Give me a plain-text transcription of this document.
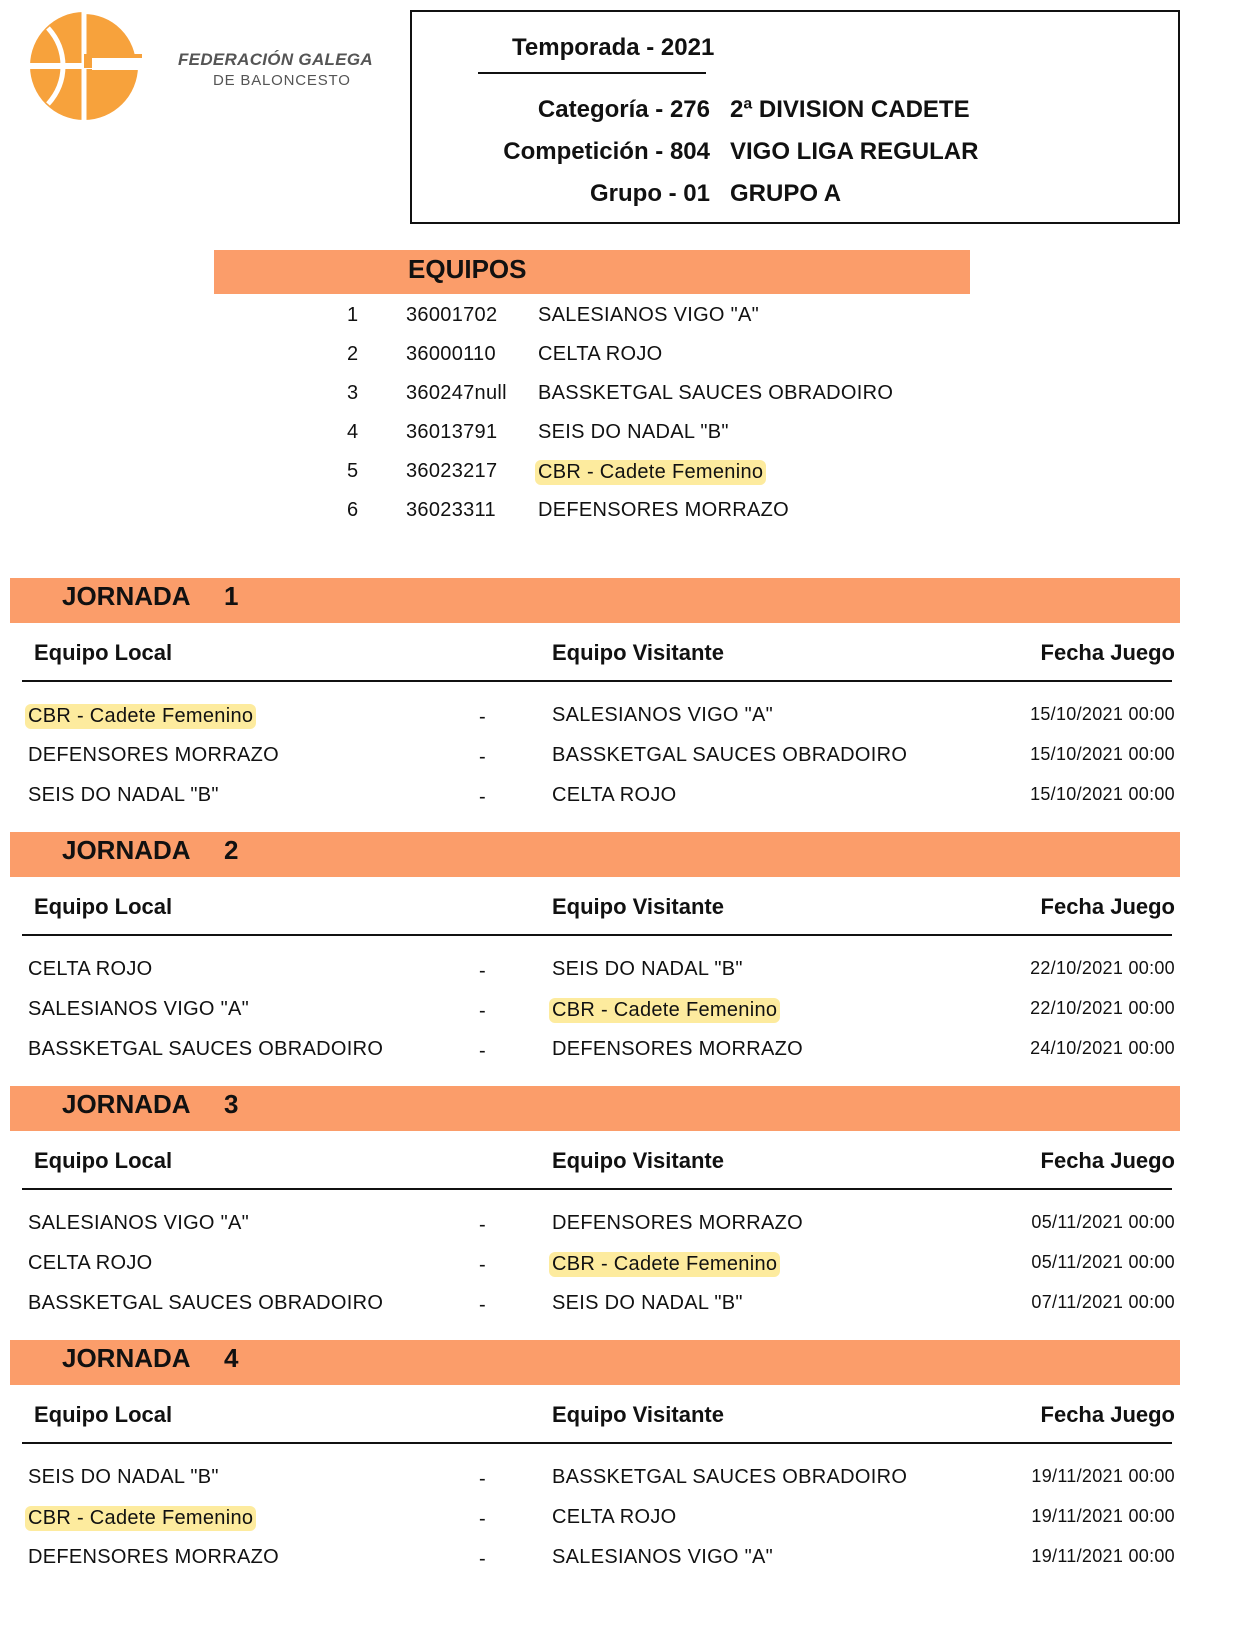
FEDERACIÓN GALEGA
DE BALONCESTO
Temporada - 2021
Categoría - 276 2ª DIVISION CADETE
Competición - 804 VIGO LIGA REGULAR
Grupo - 01 GRUPO A
EQUIPOS
1 36001702 SALESIANOS VIGO "A"
2 36000110 CELTA ROJO
3 360247null BASSKETGAL SAUCES OBRADOIRO
4 36013791 SEIS DO NADAL "B"
5 36023217 CBR - Cadete Femenino
6 36023311 DEFENSORES MORRAZO
JORNADA 1
Equipo Local	Equipo Visitante	Fecha Juego
CBR - Cadete Femenino	-	SALESIANOS VIGO "A"	15/10/2021 00:00
DEFENSORES MORRAZO	-	BASSKETGAL SAUCES OBRADOIRO	15/10/2021 00:00
SEIS DO NADAL "B"	-	CELTA ROJO	15/10/2021 00:00
JORNADA 2
Equipo Local	Equipo Visitante	Fecha Juego
CELTA ROJO	-	SEIS DO NADAL "B"	22/10/2021 00:00
SALESIANOS VIGO "A"	-	CBR - Cadete Femenino	22/10/2021 00:00
BASSKETGAL SAUCES OBRADOIRO	-	DEFENSORES MORRAZO	24/10/2021 00:00
JORNADA 3
Equipo Local	Equipo Visitante	Fecha Juego
SALESIANOS VIGO "A"	-	DEFENSORES MORRAZO	05/11/2021 00:00
CELTA ROJO	-	CBR - Cadete Femenino	05/11/2021 00:00
BASSKETGAL SAUCES OBRADOIRO	-	SEIS DO NADAL "B"	07/11/2021 00:00
JORNADA 4
Equipo Local	Equipo Visitante	Fecha Juego
SEIS DO NADAL "B"	-	BASSKETGAL SAUCES OBRADOIRO	19/11/2021 00:00
CBR - Cadete Femenino	-	CELTA ROJO	19/11/2021 00:00
DEFENSORES MORRAZO	-	SALESIANOS VIGO "A"	19/11/2021 00:00
